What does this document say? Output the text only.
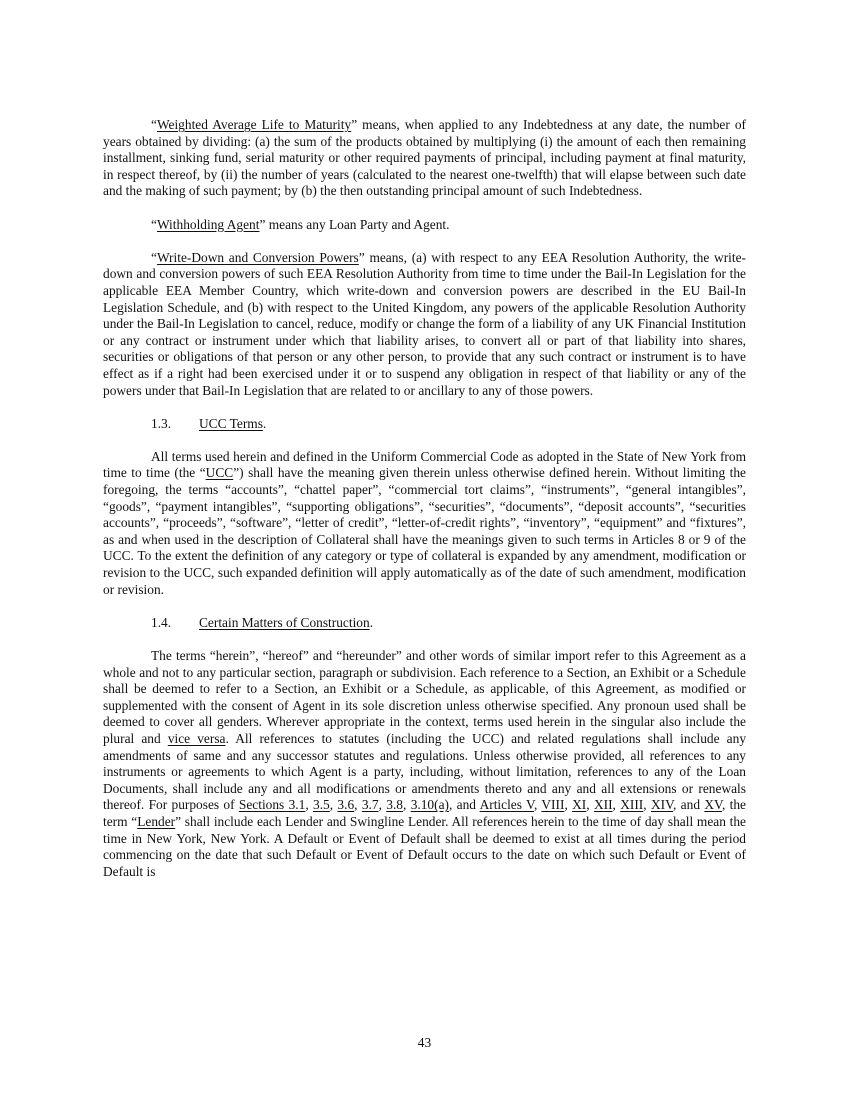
“Weighted Average Life to Maturity” means, when applied to any Indebtedness at any date, the number of years obtained by dividing: (a) the sum of the products obtained by multiplying (i) the amount of each then remaining installment, sinking fund, serial maturity or other required payments of principal, including payment at final maturity, in respect thereof, by (ii) the number of years (calculated to the nearest one-twelfth) that will elapse between such date and the making of such payment; by (b) the then outstanding principal amount of such Indebtedness.

“Withholding Agent” means any Loan Party and Agent.

“Write-Down and Conversion Powers” means, (a) with respect to any EEA Resolution Authority, the write-down and conversion powers of such EEA Resolution Authority from time to time under the Bail-In Legislation for the applicable EEA Member Country, which write-down and conversion powers are described in the EU Bail-In Legislation Schedule, and (b) with respect to the United Kingdom, any powers of the applicable Resolution Authority under the Bail-In Legislation to cancel, reduce, modify or change the form of a liability of any UK Financial Institution or any contract or instrument under which that liability arises, to convert all or part of that liability into shares, securities or obligations of that person or any other person, to provide that any such contract or instrument is to have effect as if a right had been exercised under it or to suspend any obligation in respect of that liability or any of the powers under that Bail-In Legislation that are related to or ancillary to any of those powers.

1.3. UCC Terms.

All terms used herein and defined in the Uniform Commercial Code as adopted in the State of New York from time to time (the “UCC”) shall have the meaning given therein unless otherwise defined herein. Without limiting the foregoing, the terms “accounts”, “chattel paper”, “commercial tort claims”, “instruments”, “general intangibles”, “goods”, “payment intangibles”, “supporting obligations”, “securities”, “documents”, “deposit accounts”, “securities accounts”, “proceeds”, “software”, “letter of credit”, “letter-of-credit rights”, “inventory”, “equipment” and “fixtures”, as and when used in the description of Collateral shall have the meanings given to such terms in Articles 8 or 9 of the UCC. To the extent the definition of any category or type of collateral is expanded by any amendment, modification or revision to the UCC, such expanded definition will apply automatically as of the date of such amendment, modification or revision.

1.4. Certain Matters of Construction.

The terms “herein”, “hereof” and “hereunder” and other words of similar import refer to this Agreement as a whole and not to any particular section, paragraph or subdivision. Each reference to a Section, an Exhibit or a Schedule shall be deemed to refer to a Section, an Exhibit or a Schedule, as applicable, of this Agreement, as modified or supplemented with the consent of Agent in its sole discretion unless otherwise specified. Any pronoun used shall be deemed to cover all genders. Wherever appropriate in the context, terms used herein in the singular also include the plural and vice versa. All references to statutes (including the UCC) and related regulations shall include any amendments of same and any successor statutes and regulations. Unless otherwise provided, all references to any instruments or agreements to which Agent is a party, including, without limitation, references to any of the Loan Documents, shall include any and all modifications or amendments thereto and any and all extensions or renewals thereof. For purposes of Sections 3.1, 3.5, 3.6, 3.7, 3.8, 3.10(a), and Articles V, VIII, XI, XII, XIII, XIV, and XV, the term “Lender” shall include each Lender and Swingline Lender. All references herein to the time of day shall mean the time in New York, New York. A Default or Event of Default shall be deemed to exist at all times during the period commencing on the date that such Default or Event of Default occurs to the date on which such Default or Event of Default is

43
